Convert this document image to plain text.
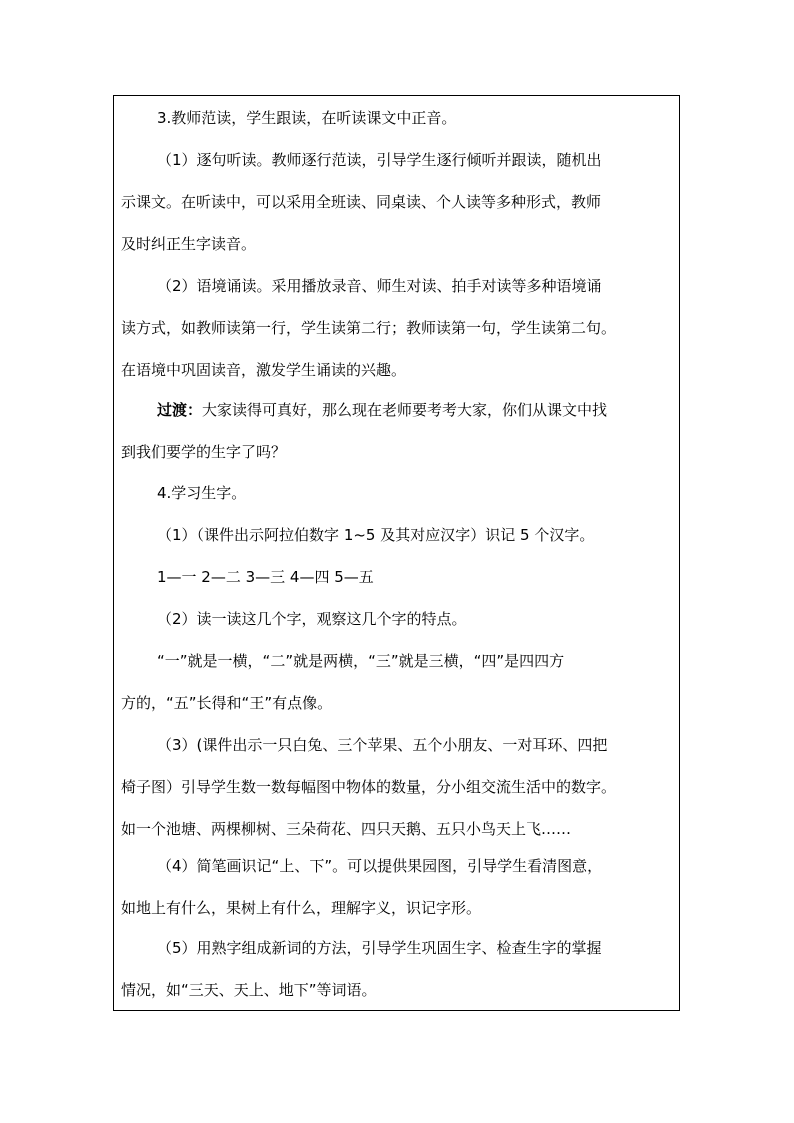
3.教师范读，学生跟读，在听读课文中正音。
（1）逐句听读。教师逐行范读，引导学生逐行倾听并跟读，随机出
示课文。在听读中，可以采用全班读、同桌读、个人读等多种形式，教师
及时纠正生字读音。
（2）语境诵读。采用播放录音、师生对读、拍手对读等多种语境诵
读方式，如教师读第一行，学生读第二行；教师读第一句，学生读第二句。
在语境中巩固读音，激发学生诵读的兴趣。
过渡：大家读得可真好，那么现在老师要考考大家，你们从课文中找
到我们要学的生字了吗？
4.学习生字。
（1）（课件出示阿拉伯数字 1~5 及其对应汉字）识记 5 个汉字。
1—一 2—二 3—三 4—四 5—五
（2）读一读这几个字，观察这几个字的特点。
“一”就是一横，“二”就是两横，“三”就是三横，“四”是四四方
方的，“五”长得和“王”有点像。
（3）(课件出示一只白兔、三个苹果、五个小朋友、一对耳环、四把
椅子图）引导学生数一数每幅图中物体的数量，分小组交流生活中的数字。
如一个池塘、两棵柳树、三朵荷花、四只天鹅、五只小鸟天上飞……
（4）简笔画识记“上、下”。可以提供果园图，引导学生看清图意，
如地上有什么，果树上有什么，理解字义，识记字形。
（5）用熟字组成新词的方法，引导学生巩固生字、检查生字的掌握
情况，如“三天、天上、地下”等词语。
